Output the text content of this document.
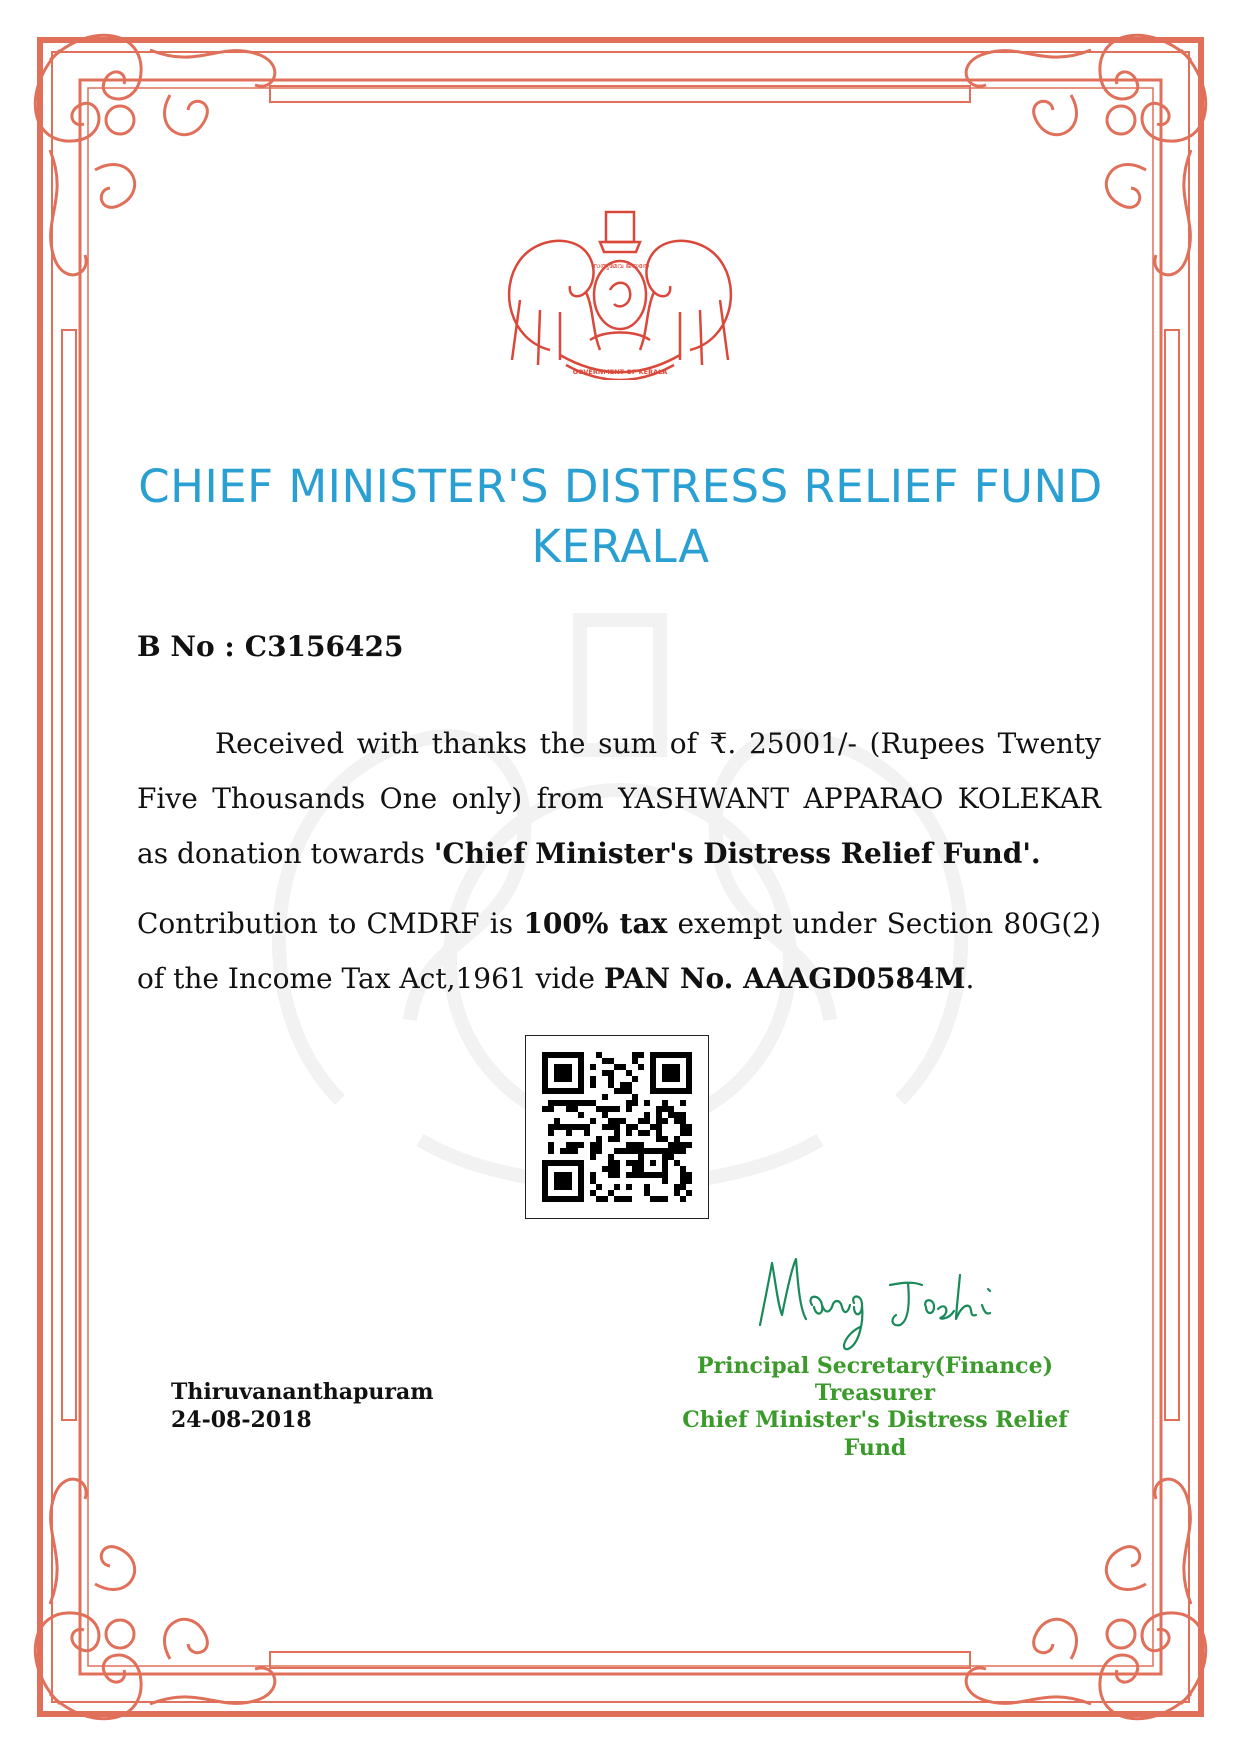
സത്യമേവ ജയതേ
GOVERNMENT OF KERALA
CHIEF MINISTER'S DISTRESS RELIEF FUND
KERALA
B No : C3156425
Received with thanks the sum of ₹. 25001/- (Rupees Twenty Five Thousands One only) from YASHWANT APPARAO KOLEKAR as donation towards 'Chief Minister's Distress Relief Fund'.
Contribution to CMDRF is 100% tax exempt under Section 80G(2) of the Income Tax Act,1961 vide PAN No. AAAGD0584M.
Principal Secretary(Finance)
Treasurer
Chief Minister's Distress Relief Fund
Thiruvananthapuram
24-08-2018
